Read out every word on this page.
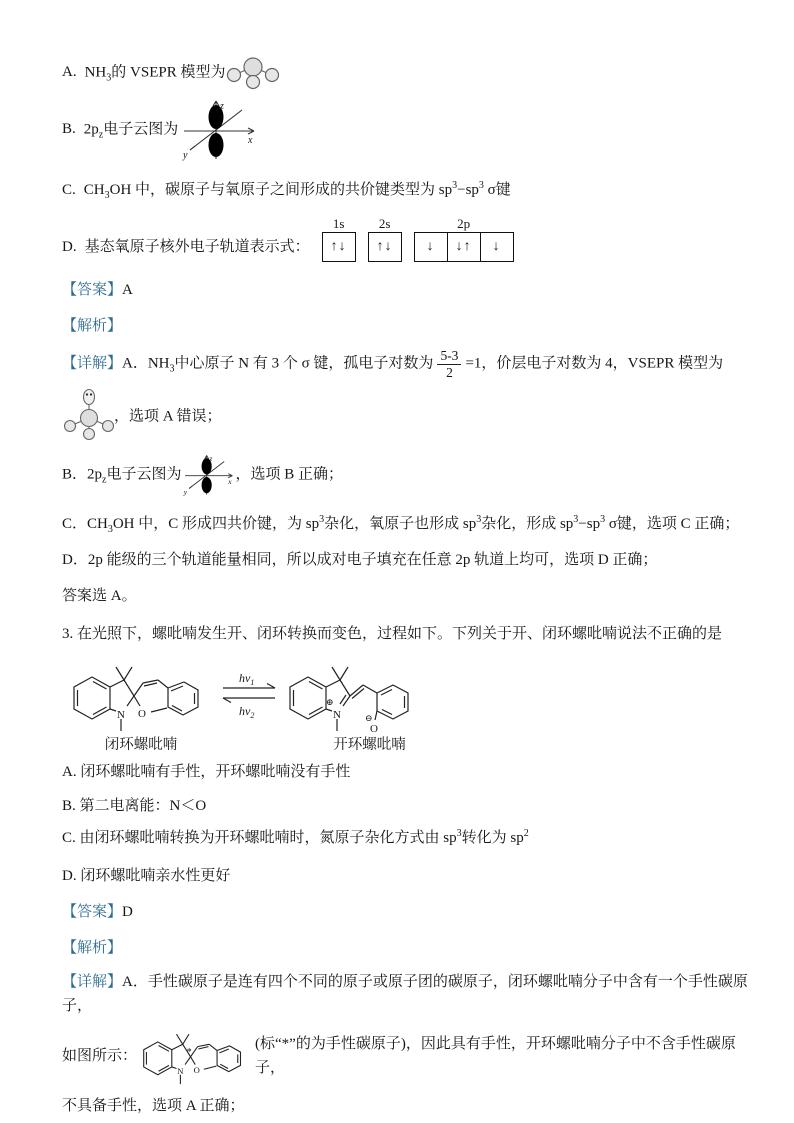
A. $NH_3$的 VSEPR 模型为

B. $2p_z$电子云图为
z
x
y

C. $CH_3OH$ 中，碳原子与氧原子之间形成的共价键类型为 $sp^3-sp^3$ σ键

D. 基态氧原子核外电子轨道表示式：
1s
↑↓
2s
↑↓
2p
↓	↓↑	↓

【答案】A

【解析】

【详解】A．$NH_3$中心原子 N 有 3 个 σ 键，孤电子对数为 $\frac{5-3}{2} =1$，价层电子对数为 4，VSEPR 模型为

，选项 A 错误；

B．$2p_z$电子云图为
z
x
y
，选项 B 正确；

C．$CH_3OH$ 中，C 形成四共价键，为 $sp^3$杂化，氧原子也形成 $sp^3$杂化，形成 $sp^3-sp^3$ σ键，选项 C 正确；

D．2p 能级的三个轨道能量相同，所以成对电子填充在任意 2p 轨道上均可，选项 D 正确；

答案选 A。

3. 在光照下，螺吡喃发生开、闭环转换而变色，过程如下。下列关于开、闭环螺吡喃说法不正确的是

N O
闭环螺吡喃
$hv_1$
$hv_2$
⊕
N	⊖
O
开环螺吡喃

A. 闭环螺吡喃有手性，开环螺吡喃没有手性

B. 第二电离能：N＜O

C. 由闭环螺吡喃转换为开环螺吡喃时，氮原子杂化方式由 $sp^3$转化为 $sp^2$

D. 闭环螺吡喃亲水性更好

【答案】D

【解析】

【详解】A．手性碳原子是连有四个不同的原子或原子团的碳原子，闭环螺吡喃分子中含有一个手性碳原子，

如图所示：
N O
*
(标“*”的为手性碳原子)，因此具有手性，开环螺吡喃分子中不含手性碳原子，

不具备手性，选项 A 正确；
